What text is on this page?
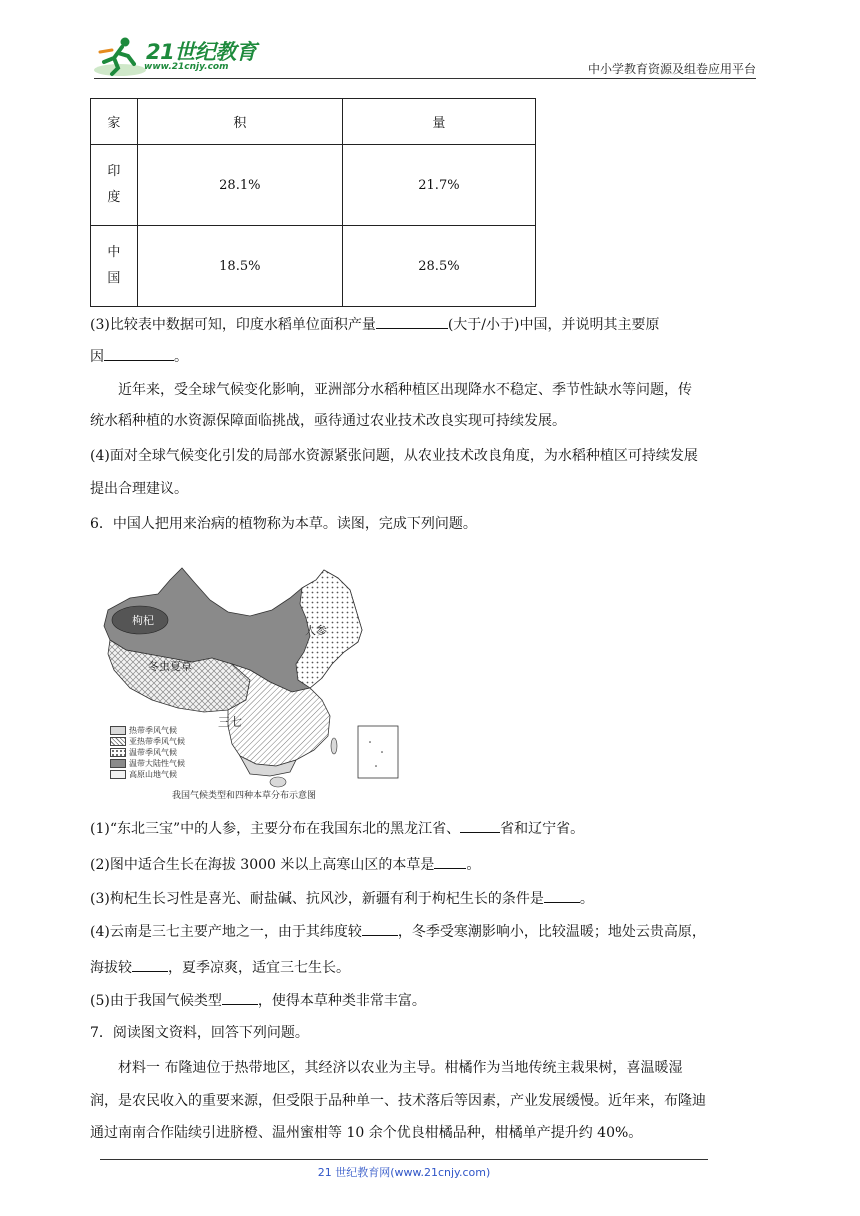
21世纪教育
www.21cnjy.com	中小学教育资源及组卷应用平台
家	积	量

印
度	28.1%	21.7%

中
国	18.5%	28.5%
(3)比较表中数据可知，印度水稻单位面积产量	(大于/小于)中国，并说明其主要原
因	。
近年来，受全球气候变化影响，亚洲部分水稻种植区出现降水不稳定、季节性缺水等问题，传
统水稻种植的水资源保障面临挑战，亟待通过农业技术改良实现可持续发展。
(4)面对全球气候变化引发的局部水资源紧张问题，从农业技术改良角度，为水稻种植区可持续发展
提出合理建议。
6．中国人把用来治病的植物称为本草。读图，完成下列问题。
枸杞
人参
冬虫夏草
三七
热带季风气候
亚热带季风气候
温带季风气候
温带大陆性气候
高原山地气候
我国气候类型和四种本草分布示意图
(1)“东北三宝”中的人参，主要分布在我国东北的黑龙江省、	省和辽宁省。
(2)图中适合生长在海拔 3000 米以上高寒山区的本草是 。
(3)枸杞生长习性是喜光、耐盐碱、抗风沙，新疆有利于枸杞生长的条件是	。
(4)云南是三七主要产地之一，由于其纬度较	，冬季受寒潮影响小，比较温暖；地处云贵高原，
海拔较	，夏季凉爽，适宜三七生长。
(5)由于我国气候类型	，使得本草种类非常丰富。
7．阅读图文资料，回答下列问题。
材料一 布隆迪位于热带地区，其经济以农业为主导。柑橘作为当地传统主栽果树，喜温暖湿
润，是农民收入的重要来源，但受限于品种单一、技术落后等因素，产业发展缓慢。近年来，布隆迪
通过南南合作陆续引进脐橙、温州蜜柑等 10 余个优良柑橘品种，柑橘单产提升约 40%。
21 世纪教育网(www.21cnjy.com)
